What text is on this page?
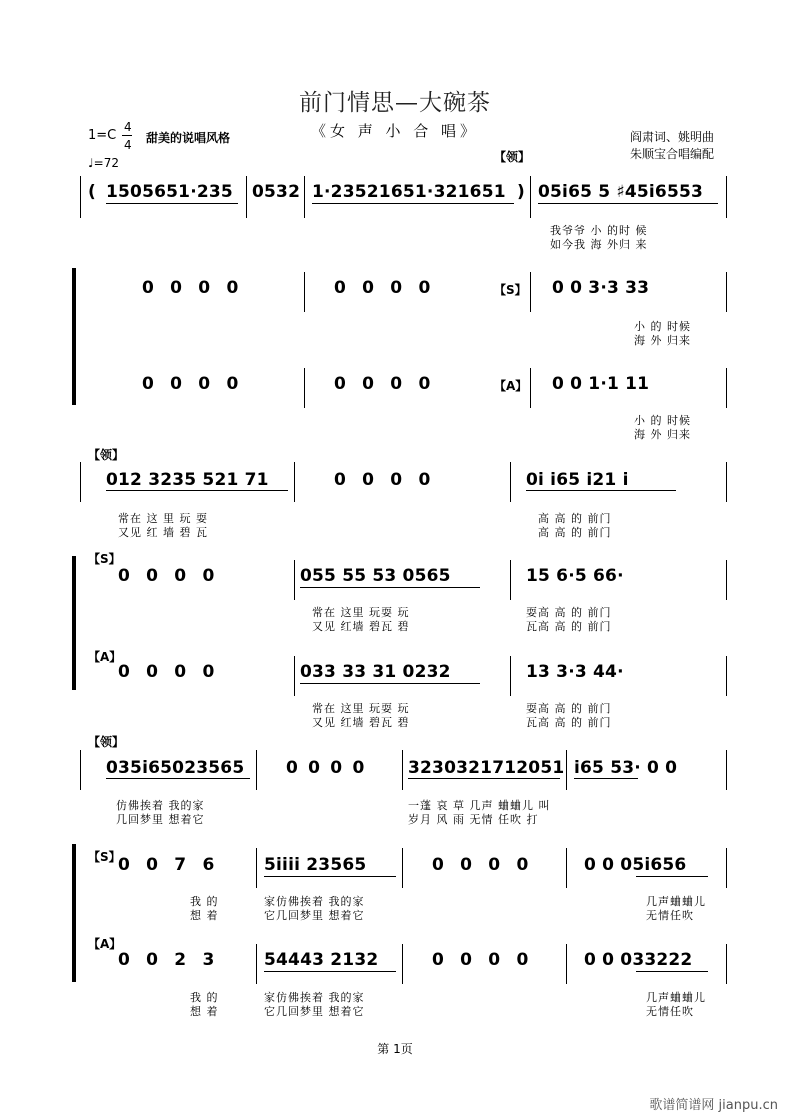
前门情思—大碗茶
《女 声 小 合 唱》
1=C
4
4 甜美的说唱风格
♩=72
阎肃词、姚明曲
朱顺宝合唱编配
【领】
( 1505651·235 0532 1·23521651·321651 ) 05i65 5 ♯45i6553
我爷爷 小 的时 候
如今我 海 外归 来
0 0 0 0	0 0 0 0	【S】 0 0 3·3 33
小 的 时候
海 外 归来
0 0 0 0	0 0 0 0	【A】 0 0 1·1 11
小 的 时候
海 外 归来
【领】
012 3235 521 71	0 0 0 0	0i i65 i21 i
常在 这 里 玩 耍
又见 红 墙 碧 瓦
高 高 的 前门
高 高 的 前门
【S】
0 0 0 0	055 55 53 0565	15 6·5 66·
常在 这里 玩耍 玩
又见 红墙 碧瓦 碧
耍高 高 的 前门
瓦高 高 的 前门
【A】
0 0 0 0	033 33 31 0232	13 3·3 44·
常在 这里 玩耍 玩
又见 红墙 碧瓦 碧
耍高 高 的 前门
瓦高 高 的 前门
【领】
035i65023565 0 0 0 0	3230321712051 i65 53· 0 0
仿佛挨着 我的家
几回梦里 想着它
一蓬 哀 草 几声 蛐蛐儿 叫
岁月 风 雨 无情 任吹 打
【S】
0 0 7 6	5iiii 23565	0 0 0 0	0 0 05i656
我 的
想 着
家仿佛挨着 我的家
它几回梦里 想着它
几声蛐蛐儿
无情任吹
【A】
0 0 2 3	54443 2132	0 0 0 0	0 0 033222
我 的
想 着
家仿佛挨着 我的家
它几回梦里 想着它
几声蛐蛐儿
无情任吹
第 1页
歌谱简谱网 jianpu.cn
